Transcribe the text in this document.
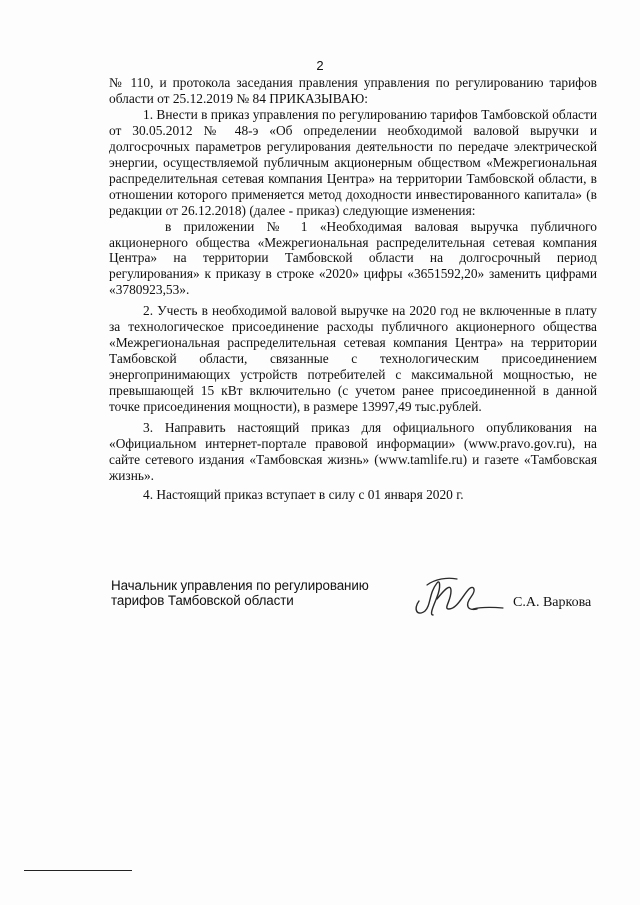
2

№ 110, и протокола заседания правления управления по регулированию тарифов области от 25.12.2019 № 84 ПРИКАЗЫВАЮ:

1. Внести в приказ управления по регулированию тарифов Тамбовской области от 30.05.2012 № 48-э «Об определении необходимой валовой выручки и долгосрочных параметров регулирования деятельности по передаче электрической энергии, осуществляемой публичным акционерным обществом «Межрегиональная распределительная сетевая компания Центра» на территории Тамбовской области, в отношении которого применяется метод доходности инвестированного капитала» (в редакции от 26.12.2018) (далее - приказ) следующие изменения:

в приложении № 1 «Необходимая валовая выручка публичного акционерного общества «Межрегиональная распределительная сетевая компания Центра» на территории Тамбовской области на долгосрочный период регулирования» к приказу в строке «2020» цифры «3651592,20» заменить цифрами «3780923,53».

2. Учесть в необходимой валовой выручке на 2020 год не включенные в плату за технологическое присоединение расходы публичного акционерного общества «Межрегиональная распределительная сетевая компания Центра» на территории Тамбовской области, связанные с технологическим присоединением энергопринимающих устройств потребителей с максимальной мощностью, не превышающей 15 кВт включительно (с учетом ранее присоединенной в данной точке присоединения мощности), в размере 13997,49 тыс.рублей.

3. Направить настоящий приказ для официального опубликования на «Официальном интернет-портале правовой информации» (www.pravo.gov.ru), на сайте сетевого издания «Тамбовская жизнь» (www.tamlife.ru) и газете «Тамбовская жизнь».

4. Настоящий приказ вступает в силу с 01 января 2020 г.

Начальник управления по регулированию
тарифов Тамбовской области	С.А. Варкова
